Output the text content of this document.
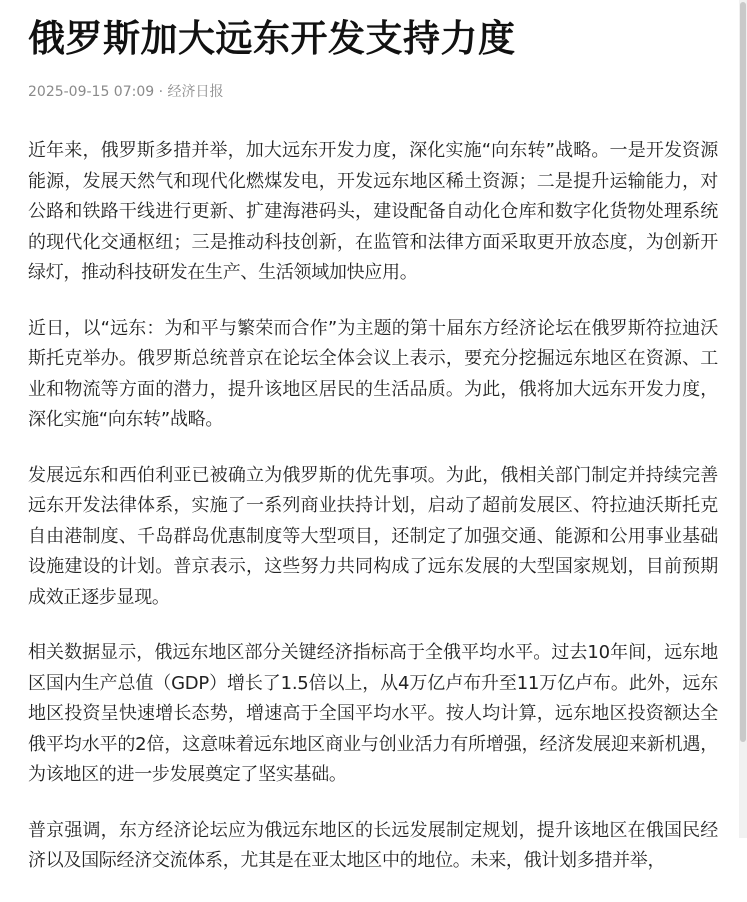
俄罗斯加大远东开发支持力度
2025-09-15 07:09 · 经济日报

近年来，俄罗斯多措并举，加大远东开发力度，深化实施“向东转”战略。一是开发资源能源，发展天然气和现代化燃煤发电，开发远东地区稀土资源；二是提升运输能力，对公路和铁路干线进行更新、扩建海港码头，建设配备自动化仓库和数字化货物处理系统的现代化交通枢纽；三是推动科技创新，在监管和法律方面采取更开放态度，为创新开绿灯，推动科技研发在生产、生活领域加快应用。

近日，以“远东：为和平与繁荣而合作”为主题的第十届东方经济论坛在俄罗斯符拉迪沃斯托克举办。俄罗斯总统普京在论坛全体会议上表示，要充分挖掘远东地区在资源、工业和物流等方面的潜力，提升该地区居民的生活品质。为此，俄将加大远东开发力度，深化实施“向东转”战略。

发展远东和西伯利亚已被确立为俄罗斯的优先事项。为此，俄相关部门制定并持续完善远东开发法律体系，实施了一系列商业扶持计划，启动了超前发展区、符拉迪沃斯托克自由港制度、千岛群岛优惠制度等大型项目，还制定了加强交通、能源和公用事业基础设施建设的计划。普京表示，这些努力共同构成了远东发展的大型国家规划，目前预期成效正逐步显现。

相关数据显示，俄远东地区部分关键经济指标高于全俄平均水平。过去10年间，远东地区国内生产总值（GDP）增长了1.5倍以上，从4万亿卢布升至11万亿卢布。此外，远东地区投资呈快速增长态势，增速高于全国平均水平。按人均计算，远东地区投资额达全俄平均水平的2倍，这意味着远东地区商业与创业活力有所增强，经济发展迎来新机遇，为该地区的进一步发展奠定了坚实基础。

普京强调，东方经济论坛应为俄远东地区的长远发展制定规划，提升该地区在俄国民经济以及国际经济交流体系，尤其是在亚太地区中的地位。未来，俄计划多措并举，
